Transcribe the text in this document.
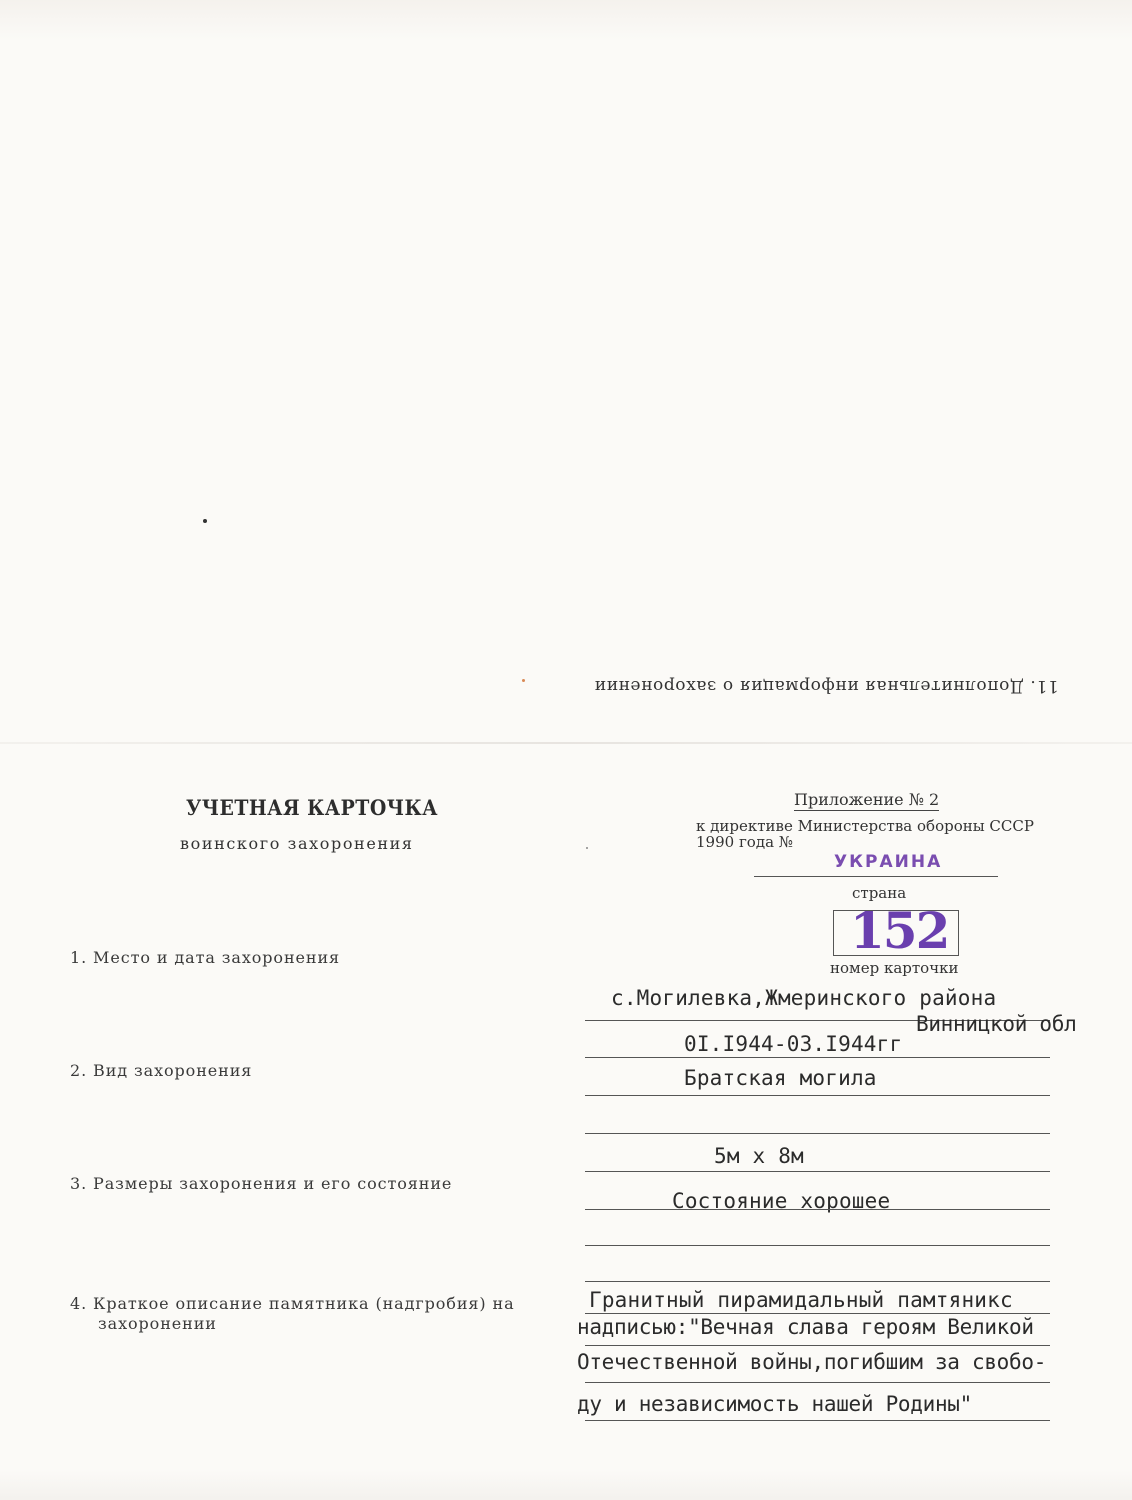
11. Дополнительная информация о захоронении
УЧЕТНАЯ КАРТОЧКА
воинского захоронения
Приложение № 2
к директиве Министерства обороны СССР
1990 года №
УКРАИНА
страна
152
номер карточки
1. Место и дата захоронения
2. Вид захоронения
3. Размеры захоронения и его состояние
4. Краткое описание памятника (надгробия) на
захоронении
с.Могилевка,Жмеринского района
0I.I944-03.I944гг
Винницкой обл
Братская могила
5м х 8м
Состояние хорошее
Гранитный пирамидальный памтяникс
надписью:"Вечная слава героям Великой
Отечественной войны,погибшим за свобо-
ду и независимость нашей Родины"
